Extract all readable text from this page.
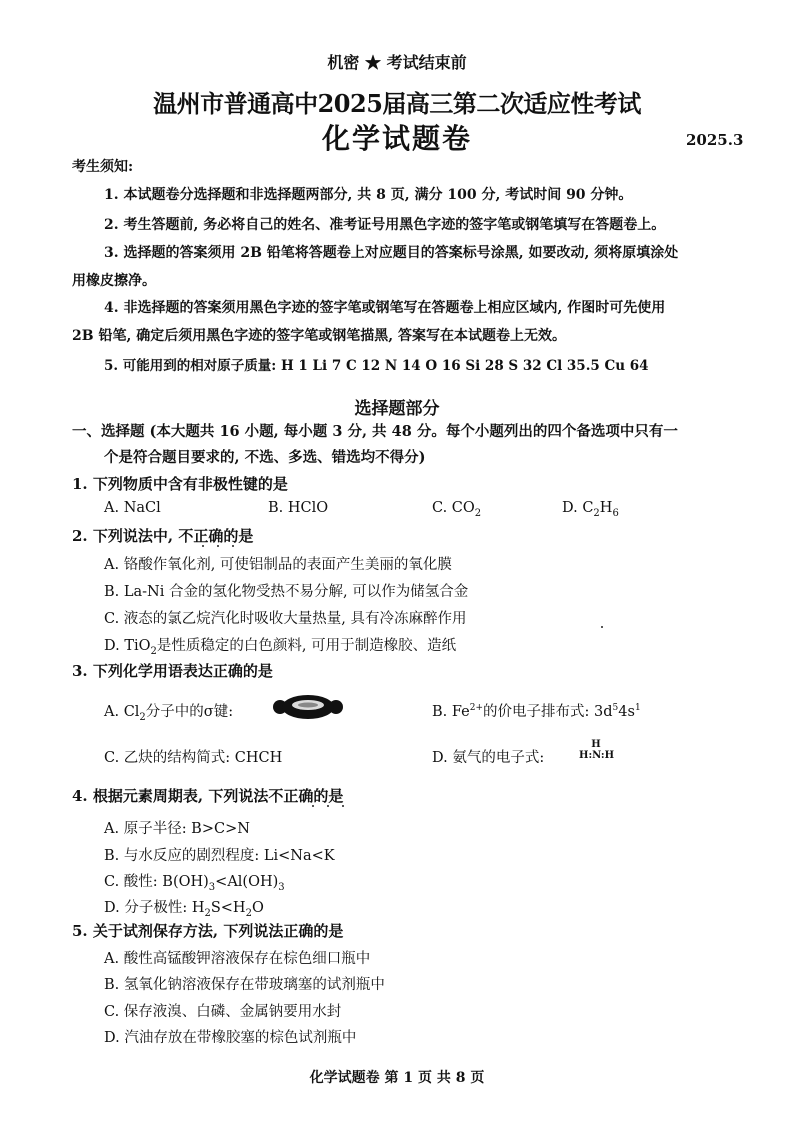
机密 ★ 考试结束前
温州市普通高中2025届高三第二次适应性考试
化学试题卷	2025.3
考生须知:
1. 本试题卷分选择题和非选择题两部分, 共 8 页, 满分 100 分, 考试时间 90 分钟。
2. 考生答题前, 务必将自己的姓名、准考证号用黑色字迹的签字笔或钢笔填写在答题卷上。
3. 选择题的答案须用 2B 铅笔将答题卷上对应题目的答案标号涂黑, 如要改动, 须将原填涂处
用橡皮擦净。
4. 非选择题的答案须用黑色字迹的签字笔或钢笔写在答题卷上相应区域内, 作图时可先使用
2B 铅笔, 确定后须用黑色字迹的签字笔或钢笔描黑, 答案写在本试题卷上无效。
5. 可能用到的相对原子质量: H 1 Li 7 C 12 N 14 O 16 Si 28 S 32 Cl 35.5 Cu 64
选择题部分
一、选择题 (本大题共 16 小题, 每小题 3 分, 共 48 分。每个小题列出的四个备选项中只有一
个是符合题目要求的, 不选、多选、错选均不得分)
1. 下列物质中含有非极性键的是
A. NaCl	B. HClO	C. $CO_2$	D. $C_2H_6$
2. 下列说法中, 不正确的是
A. 铬酸作氧化剂, 可使铝制品的表面产生美丽的氧化膜
B. La-Ni 合金的氢化物受热不易分解, 可以作为储氢合金
C. 液态的氯乙烷汽化时吸收大量热量, 具有冷冻麻醉作用
D. TiO$_2$是性质稳定的白色颜料, 可用于制造橡胶、造纸
3. 下列化学用语表达正确的是
A. $Cl_2$分子中的σ键:	B. $Fe^{2+}$的价电子排布式: $3d^54s^1$
C. 乙炔的结构简式: CHCH	D. 氨气的电子式:
H
H:N:H
4. 根据元素周期表, 下列说法不正确的是
A. 原子半径: B>C>N
B. 与水反应的剧烈程度: Li<Na<K
C. 酸性: $B(OH)_3<Al(OH)_3$
D. 分子极性: $H_2S<H_2O$
5. 关于试剂保存方法, 下列说法正确的是
A. 酸性高锰酸钾溶液保存在棕色细口瓶中
B. 氢氧化钠溶液保存在带玻璃塞的试剂瓶中
C. 保存液溴、白磷、金属钠要用水封
D. 汽油存放在带橡胶塞的棕色试剂瓶中
化学试题卷 第 1 页 共 8 页
